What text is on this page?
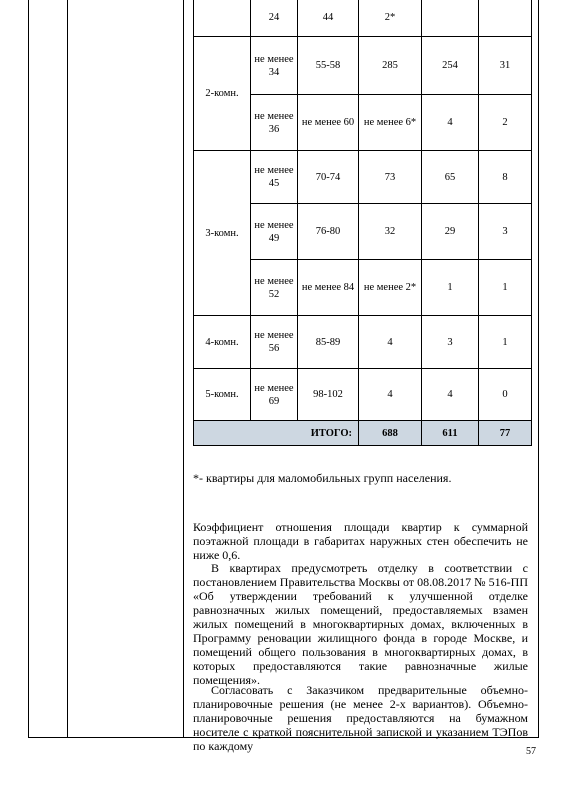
	24	44	2*		
2-комн.	не менее 34	55-58	285	254	31
	не менее 36	не менее 60	не менее 6*	4	2
3-комн.	не менее 45	70-74	73	65	8
	не менее 49	76-80	32	29	3
	не менее 52	не менее 84	не менее 2*	1	1
4-комн.	не менее 56	85-89	4	3	1
5-комн.	не менее 69	98-102	4	4	0
ИТОГО:			688	611	77
*- квартиры для маломобильных групп населения.
Коэффициент отношения площади квартир к суммарной поэтажной площади в габаритах наружных стен обеспечить не ниже 0,6.
В квартирах предусмотреть отделку в соответствии с постановлением Правительства Москвы от 08.08.2017 № 516-ПП «Об утверждении требований к улучшенной отделке равнозначных жилых помещений, предоставляемых взамен жилых помещений в многоквартирных домах, включенных в Программу реновации жилищного фонда в городе Москве, и помещений общего пользования в многоквартирных домах, в которых предоставляются такие равнозначные жилые помещения».
Согласовать с Заказчиком предварительные объемно-планировочные решения (не менее 2-х вариантов). Объемно-планировочные решения предоставляются на бумажном носителе с краткой пояснительной запиской и указанием ТЭПов по каждому	57
